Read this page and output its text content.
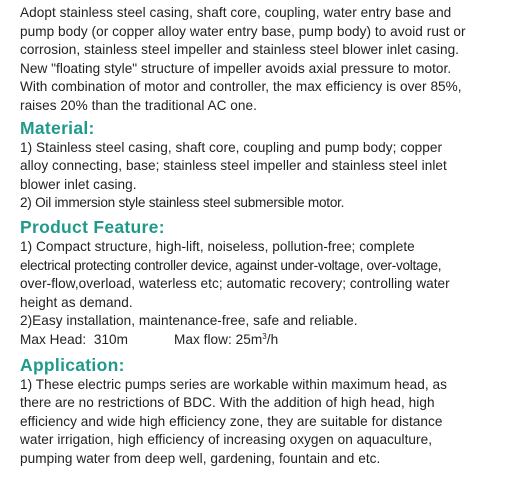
Adopt stainless steel casing, shaft core, coupling, water entry base and

pump body (or copper alloy water entry base, pump body) to avoid rust or

corrosion, stainless steel impeller and stainless steel blower inlet casing.

New "floating style" structure of impeller avoids axial pressure to motor.

With combination of motor and controller, the max efficiency is over 85%,

raises 20% than the traditional AC one.

Material:

1) Stainless steel casing, shaft core, coupling and pump body; copper

alloy connecting, base; stainless steel impeller and stainless steel inlet

blower inlet casing.

2) Oil immersion style stainless steel submersible motor.

Product Feature:

1) Compact structure, high-lift, noiseless, pollution-free; complete

electrical protecting controller device, against under-voltage, over-voltage,

over-flow,overload, waterless etc; automatic recovery; controlling water

height as demand.

2)Easy installation, maintenance-free, safe and reliable.

Max Head:  310m	Max flow: $25m^3/h$
Application:

1) These electric pumps series are workable within maximum head, as

there are no restrictions of BDC. With the addition of high head, high

efficiency and wide high efficiency zone, they are suitable for distance

water irrigation, high efficiency of increasing oxygen on aquaculture,

pumping water from deep well, gardening, fountain and etc.
